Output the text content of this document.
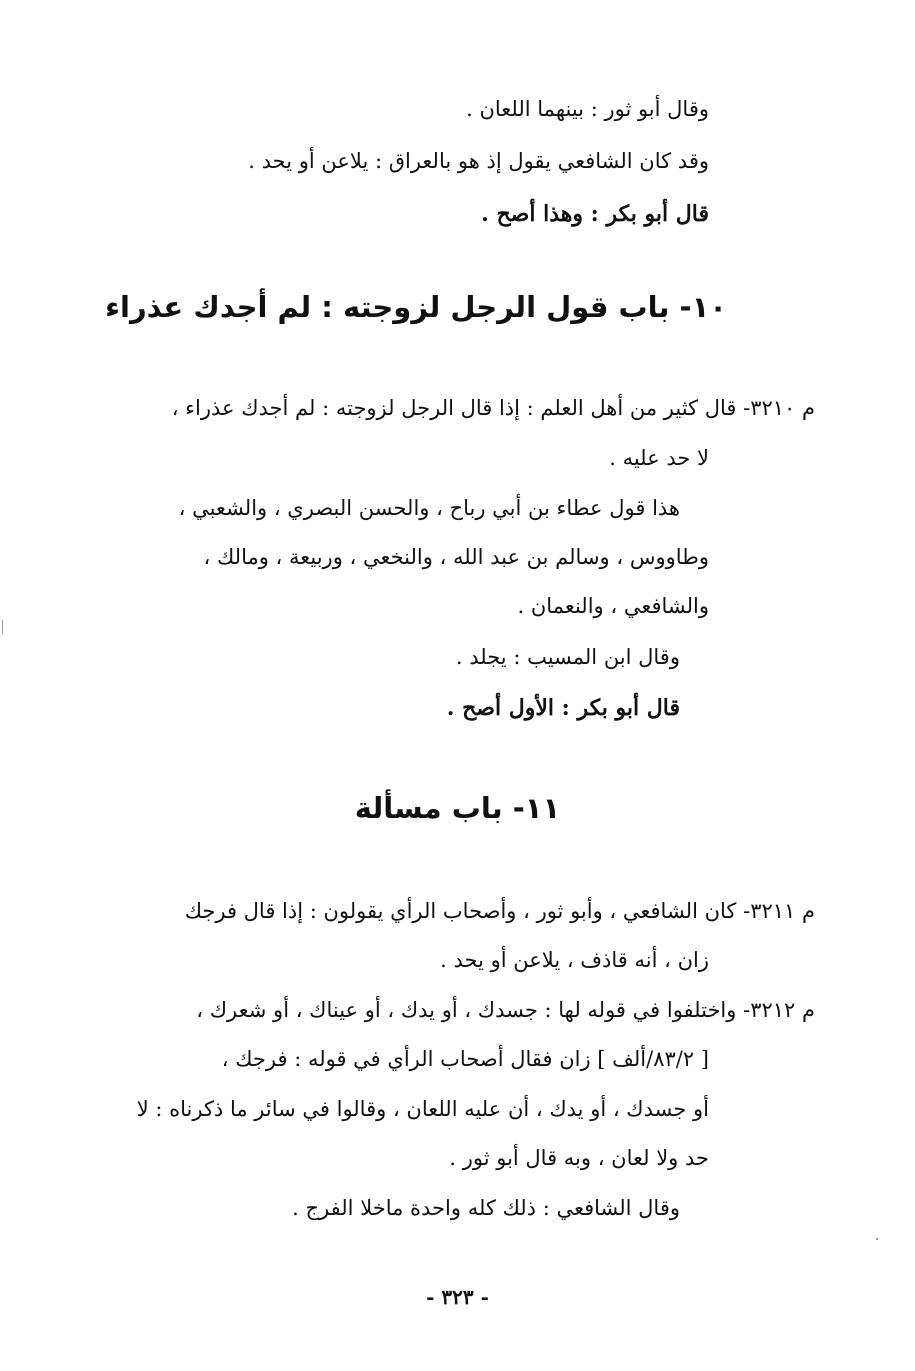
وقال أبو ثور : بينهما اللعان .
وقد كان الشافعي يقول إذ هو بالعراق : يلاعن أو يحد .
قال أبو بكر : وهذا أصح .
١٠- باب قول الرجل لزوجته : لم أجدك عذراء
م ٣٢١٠- قال كثير من أهل العلم : إذا قال الرجل لزوجته : لم أجدك عذراء ،
لا حد عليه .
هذا قول عطاء بن أبي رباح ، والحسن البصري ، والشعبي ،
وطاووس ، وسالم بن عبد الله ، والنخعي ، وربيعة ، ومالك ،
والشافعي ، والنعمان .
وقال ابن المسيب : يجلد .
قال أبو بكر : الأول أصح .
١١- باب مسألة
م ٣٢١١- كان الشافعي ، وأبو ثور ، وأصحاب الرأي يقولون : إذا قال فرجك
زان ، أنه قاذف ، يلاعن أو يحد .
م ٣٢١٢- واختلفوا في قوله لها : جسدك ، أو يدك ، أو عيناك ، أو شعرك ،
[ ٨٣/٢/ألف ] زان فقال أصحاب الرأي في قوله : فرجك ،
أو جسدك ، أو يدك ، أن عليه اللعان ، وقالوا في سائر ما ذكرناه : لا
حد ولا لعان ، وبه قال أبو ثور .
وقال الشافعي : ذلك كله واحدة ماخلا الفرج .
- ٣٢٣ -
